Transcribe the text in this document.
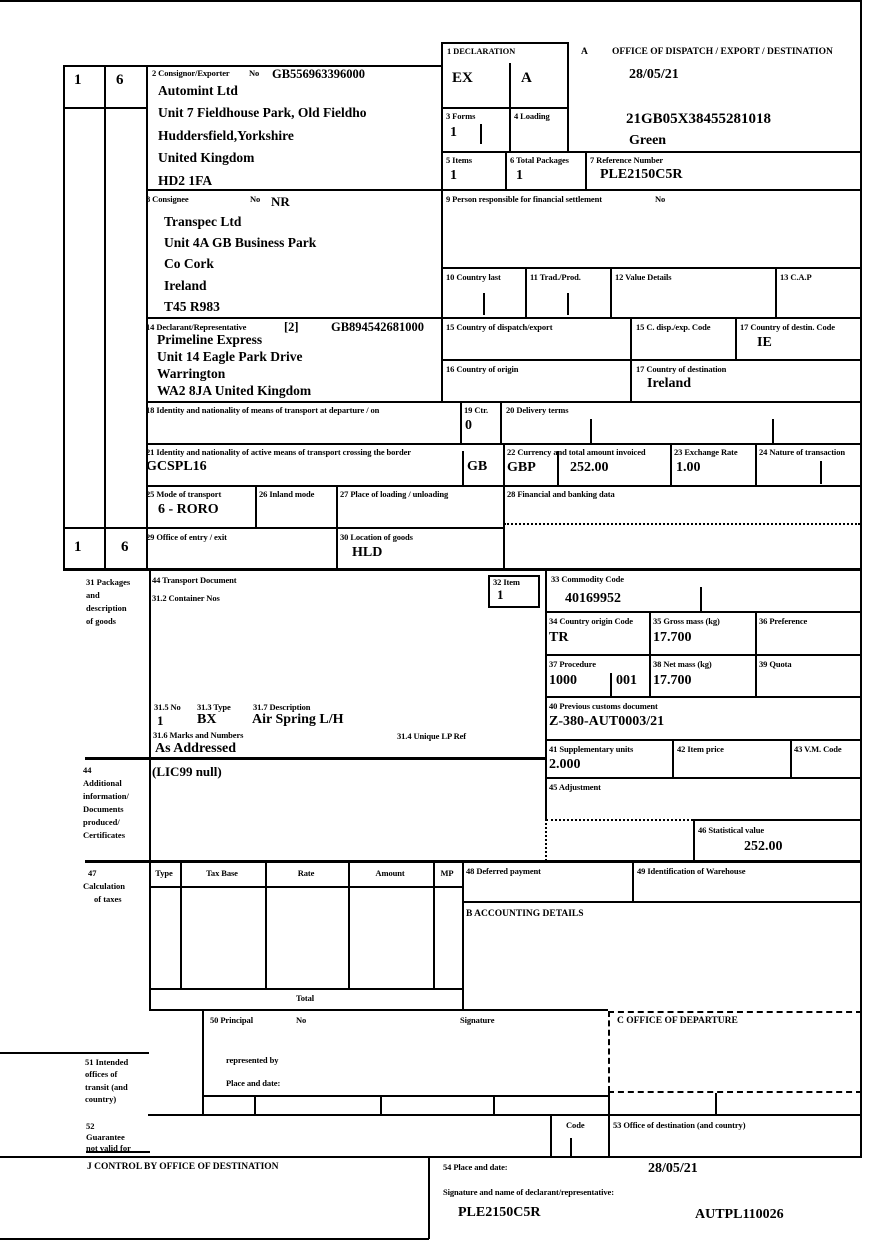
1 6
1	6
1 DECLARATION
EX	A
A	OFFICE OF DISPATCH / EXPORT / DESTINATION
28/05/21
21GB05X38455281018
Green
2 Consignor/Exporter No GB556963396000
Automint Ltd
Unit 7 Fieldhouse Park, Old Fieldho
Huddersfield,Yorkshire
United Kingdom
HD2 1FA
3 Forms
1
4 Loading
5 Items
1
6 Total Packages
1
7 Reference Number
PLE2150C5R
8 Consignee	No NR
Transpec Ltd
Unit 4A GB Business Park
Co Cork
Ireland
T45 R983
9 Person responsible for financial settlement	No
10 Country last	11 Trad./Prod.	12 Value Details	13 C.A.P
14 Declarant/Representative	[2]	GB894542681000
Primeline Express
Unit 14 Eagle Park Drive
Warrington
WA2 8JA United Kingdom
15 Country of dispatch/export	15 C. disp./exp. Code	17 Country of destin. Code
IE
16 Country of origin	17 Country of destination
Ireland
18 Identity and nationality of means of transport at departure / on	19 Ctr.
0
20 Delivery terms
21 Identity and nationality of active means of transport crossing the border
GCSPL16	GB
22 Currency and total amount invoiced
GBP 252.00
23 Exchange Rate
1.00
24 Nature of transaction
25 Mode of transport
6 - RORO
26 Inland mode	27 Place of loading / unloading	28 Financial and banking data
29 Office of entry / exit	30 Location of goods
HLD
31 Packages
and
description
of goods
44 Transport Document
31.2 Container Nos
32 Item
1
31.5 No
1
31.3 Type
BX
31.7 Description
Air Spring L/H
31.6 Marks and Numbers
As Addressed
31.4 Unique LP Ref
33 Commodity Code
40169952
34 Country origin Code
TR
35 Gross mass (kg)
17.700
36 Preference
37 Procedure
1000	001
38 Net mass (kg)
17.700
39 Quota
40 Previous customs document
Z-380-AUT0003/21
41 Supplementary units
2.000
42 Item price	43 V.M. Code
45 Adjustment
46 Statistical value
252.00
44
Additional
information/
Documents
produced/
Certificates
(LIC99 null)
47
Calculation
of taxes
Type	Tax Base	Rate	Amount	MP
Total
48 Deferred payment	49 Identification of Warehouse
B ACCOUNTING DETAILS
50 Principal	No	Signature
represented by
Place and date:
51 Intended
offices of
transit (and
country)
C OFFICE OF DEPARTURE
52
Guarantee
not valid for
Code	53 Office of destination (and country)
J CONTROL BY OFFICE OF DESTINATION	54 Place and date:	28/05/21
Signature and name of declarant/representative:
PLE2150C5R	AUTPL110026
